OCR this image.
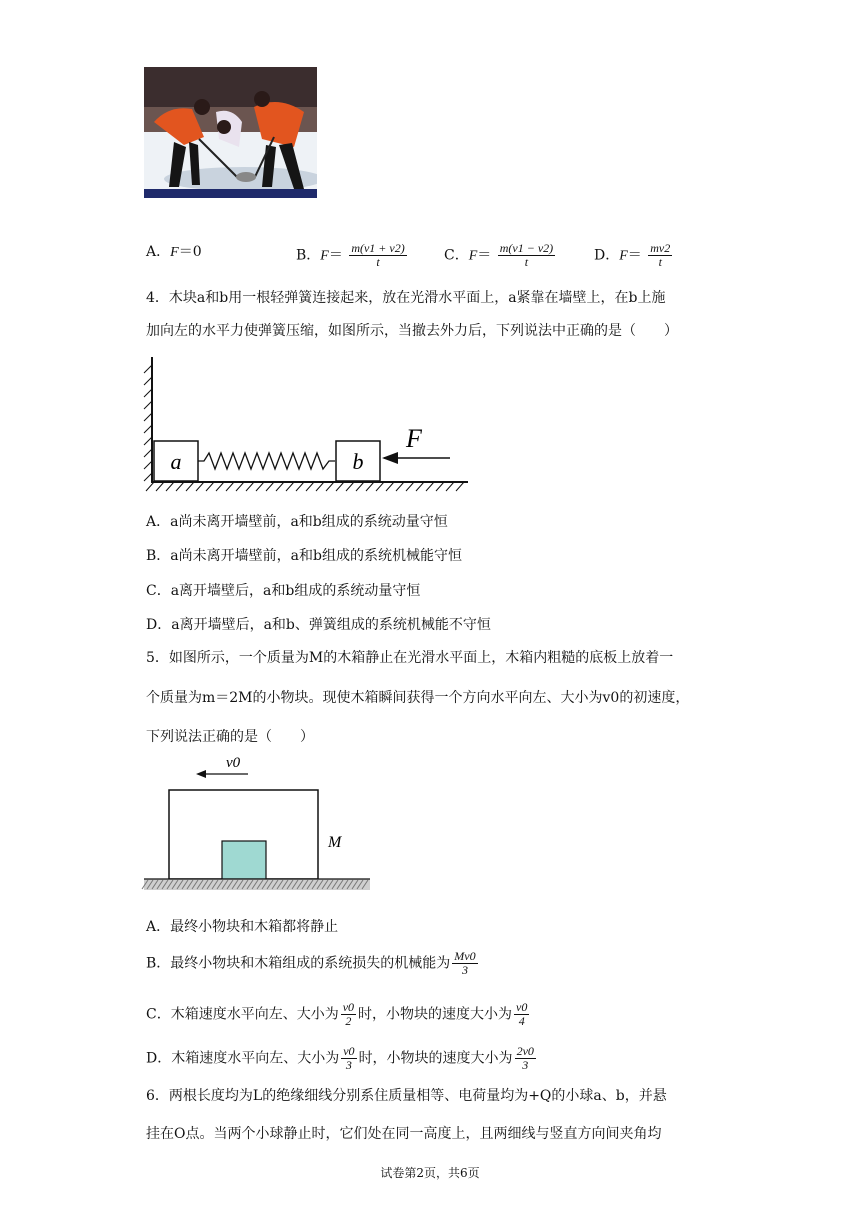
A．F＝0	B．$F= \frac{m(v1 + v2)}{t}$	C．$F= \frac{m(v1 - v2)}{t}$	D．$F= \frac{mv2}{t}$
4．木块a和b用一根轻弹簧连接起来，放在光滑水平面上，a紧靠在墙壁上，在b上施
加向左的水平力使弹簧压缩，如图所示，当撤去外力后，下列说法中正确的是（　　）
a	b
F
A．a尚未离开墙壁前，a和b组成的系统动量守恒
B．a尚未离开墙壁前，a和b组成的系统机械能守恒
C．a离开墙壁后，a和b组成的系统动量守恒
D．a离开墙壁后，a和b、弹簧组成的系统机械能不守恒
5．如图所示，一个质量为M的木箱静止在光滑水平面上，木箱内粗糙的底板上放着一
个质量为m＝2M的小物块。现使木箱瞬间获得一个方向水平向左、大小为v0的初速度，
下列说法正确的是（　　）
v0
M
A．最终小物块和木箱都将静止
B．最终小物块和木箱组成的系统损失的机械能为 $\frac{Mv0}{3}$
C．木箱速度水平向左、大小为 $\frac{v0}{2}$ 时，小物块的速度大小为 $\frac{v0}{4}$
D．木箱速度水平向左、大小为 $\frac{v0}{3}$ 时，小物块的速度大小为 $\frac{2v0}{3}$
6．两根长度均为L的绝缘细线分别系住质量相等、电荷量均为+Q的小球a、b，并悬
挂在O点。当两个小球静止时，它们处在同一高度上，且两细线与竖直方向间夹角均
试卷第2页，共6页
